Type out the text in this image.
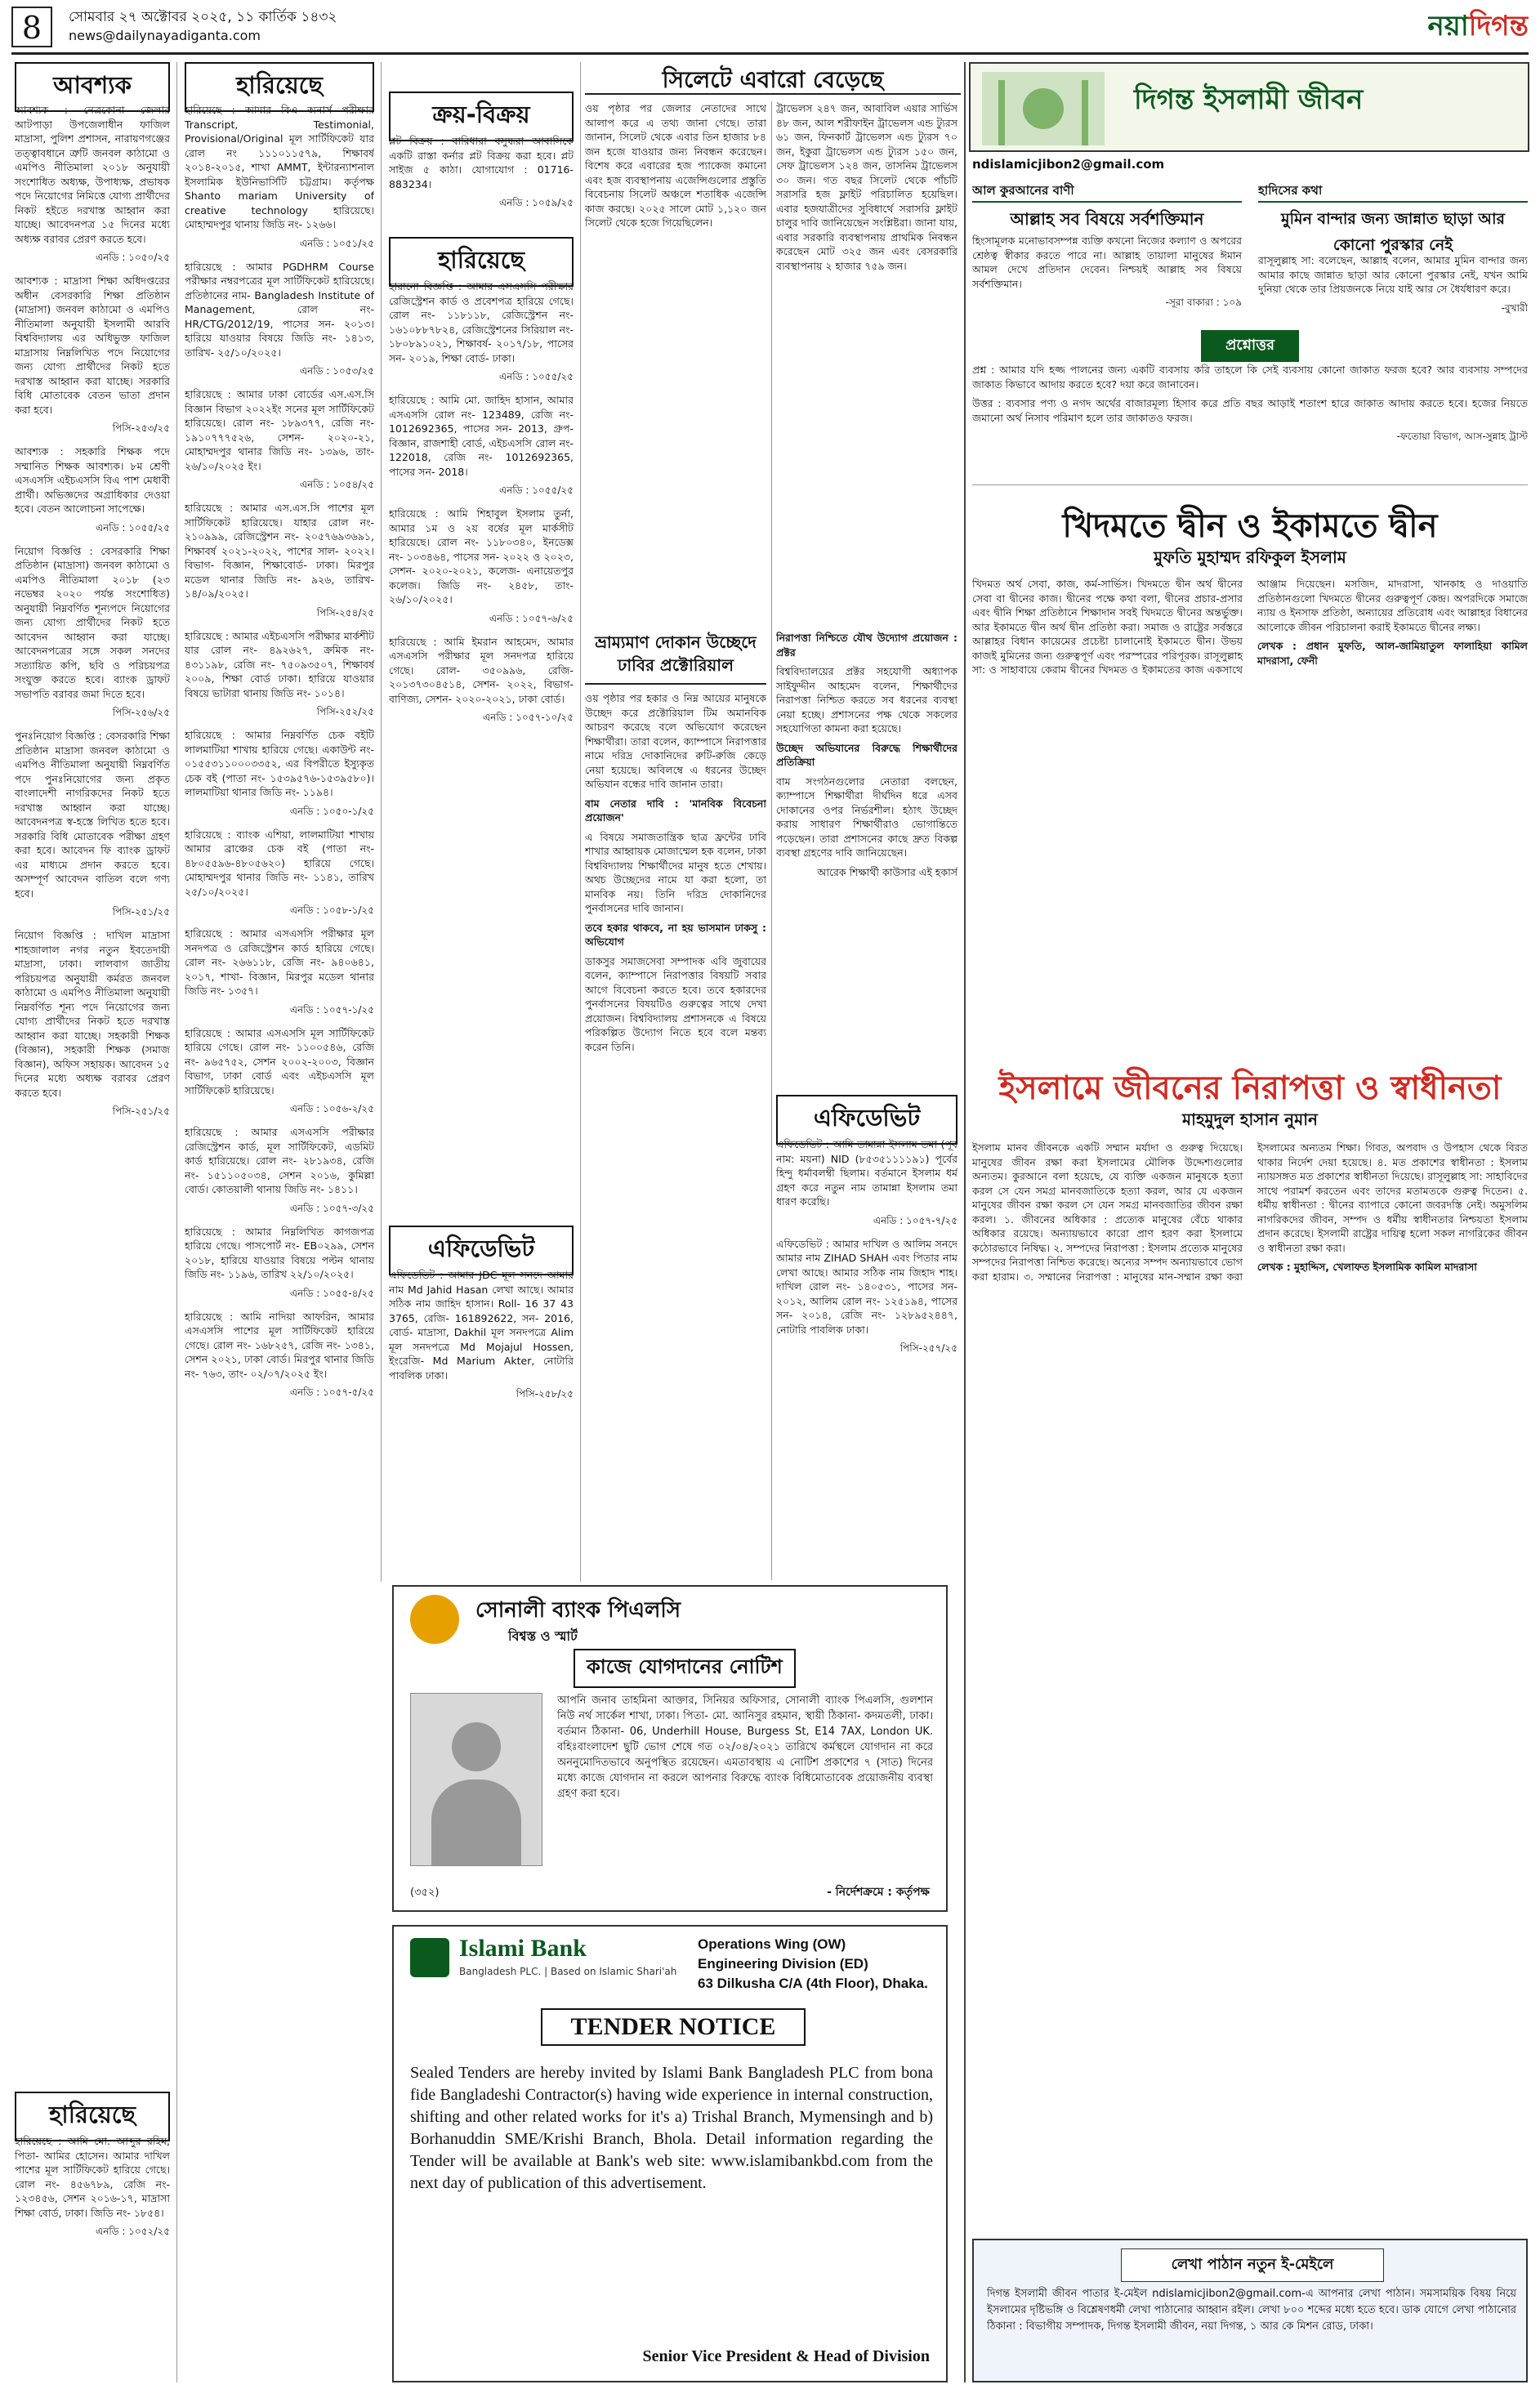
8	সোমবার ২৭ অক্টোবর ২০২৫, ১১ কার্তিক ১৪৩২
news@dailynayadiganta.com	নয়াদিগন্ত
আবশ্যক

আবশ্যক : নেত্রকোনা জেলার আটপাড়া উপজেলাধীন ফাজিল মাদ্রাসা, পুলিশ প্রশাসন, নারায়ণগঞ্জের তত্ত্বাবধানে ত্রুটি জনবল কাঠামো ও এমপিও নীতিমালা ২০১৮ অনুযায়ী সংশোধিত অধ্যক্ষ, উপাধ্যক্ষ, প্রভাষক পদে নিয়োগের নিমিত্তে যোগ্য প্রার্থীদের নিকট হইতে দরখাস্ত আহ্বান করা যাচ্ছে। আবেদনপত্র ১৫ দিনের মধ্যে অধ্যক্ষ বরাবর প্রেরণ করতে হবে।

এনডি : ১০৫০/২৫

আবশ্যক : মাদ্রাসা শিক্ষা অধিদপ্তরের অধীন বেসরকারি শিক্ষা প্রতিষ্ঠান (মাদ্রাসা) জনবল কাঠামো ও এমপিও নীতিমালা অনুযায়ী ইসলামী আরবি বিশ্ববিদ্যালয় এর অধিভুক্ত ফাজিল মাদ্রাসায় নিম্নলিখিত পদে নিয়োগের জন্য যোগ্য প্রার্থীদের নিকট হতে দরখাস্ত আহ্বান করা যাচ্ছে। সরকারি বিধি মোতাবেক বেতন ভাতা প্রদান করা হবে।

পিসি-২৫৩/২৫

আবশ্যক : সহকারি শিক্ষক পদে সম্মানিত শিক্ষক আবশ্যক। ৮ম শ্রেণী এসএসসি এইচএসসি বিএ পাশ মেধাবী প্রার্থী। অভিজ্ঞদের অগ্রাধিকার দেওয়া হবে। বেতন আলোচনা সাপেক্ষে।

এনডি : ১০৫৫/২৫

নিয়োগ বিজ্ঞপ্তি : বেসরকারি শিক্ষা প্রতিষ্ঠান (মাদ্রাসা) জনবল কাঠামো ও এমপিও নীতিমালা ২০১৮ (২৩ নভেম্বর ২০২০ পর্যন্ত সংশোধিত) অনুযায়ী নিম্নবর্ণিত শূন্যপদে নিয়োগের জন্য যোগ্য প্রার্থীদের নিকট হতে আবেদন আহ্বান করা যাচ্ছে। আবেদনপত্রের সঙ্গে সকল সনদের সত্যায়িত কপি, ছবি ও পরিচয়পত্র সংযুক্ত করতে হবে। ব্যাংক ড্রাফট সভাপতি বরাবর জমা দিতে হবে।

পিসি-২৫৬/২৫

পুনঃনিয়োগ বিজ্ঞপ্তি : বেসরকারি শিক্ষা প্রতিষ্ঠান মাদ্রাসা জনবল কাঠামো ও এমপিও নীতিমালা অনুযায়ী নিম্নবর্ণিত পদে পুনঃনিয়োগের জন্য প্রকৃত বাংলাদেশী নাগরিকদের নিকট হতে দরখাস্ত আহ্বান করা যাচ্ছে। আবেদনপত্র স্ব-হস্তে লিখিত হতে হবে। সরকারি বিধি মোতাবেক পরীক্ষা গ্রহণ করা হবে। আবেদন ফি ব্যাংক ড্রাফট এর মাধ্যমে প্রদান করতে হবে। অসম্পূর্ণ আবেদন বাতিল বলে গণ্য হবে।

পিসি-২৫১/২৫

নিয়োগ বিজ্ঞপ্তি : দাখিল মাদ্রাসা শাহজালাল নগর নতুন ইবতেদায়ী মাদ্রাসা, ঢাকা। লালবাগ জাতীয় পরিচয়পত্র অনুযায়ী কর্মরত জনবল কাঠামো ও এমপিও নীতিমালা অনুযায়ী নিম্নবর্ণিত শূন্য পদে নিয়োগের জন্য যোগ্য প্রার্থীদের নিকট হতে দরখাস্ত আহ্বান করা যাচ্ছে। সহকারী শিক্ষক (বিজ্ঞান), সহকারী শিক্ষক (সমাজ বিজ্ঞান), অফিস সহায়ক। আবেদন ১৫ দিনের মধ্যে অধ্যক্ষ বরাবর প্রেরণ করতে হবে।

পিসি-২৫১/২৫
হারিয়েছে

হারিয়েছে : আমি মো. আব্দুর রহিম, পিতা- আমির হোসেন। আমার দাখিল পাশের মূল সার্টিফিকেট হারিয়ে গেছে। রোল নং- ৪৫৬৭৮৯, রেজি নং- ১২৩৪৫৬, সেশন ২০১৬-১৭, মাদ্রাসা শিক্ষা বোর্ড, ঢাকা। জিডি নং- ১৮৫৪।

এনডি : ১০৫২/২৫
হারিয়েছে

হারিয়েছে : আমার বিএ অনার্স পরীক্ষার Transcript, Testimonial, Provisional/Original মূল সার্টিফিকেট যার রোল নং ১১১০১১৫৭৯, শিক্ষাবর্ষ ২০১৪-২০১৫, শাখা AMMT, ইন্টারন্যাশনাল ইসলামিক ইউনিভার্সিটি চট্টগ্রাম। কর্তৃপক্ষ Shanto mariam University of creative technology হারিয়েছে। মোহাম্মদপুর থানায় জিডি নং- ১২৬৬।

এনডি : ১০৫১/২৫

হারিয়েছে : আমার PGDHRM Course পরীক্ষার নম্বরপত্রের মূল সার্টিফিকেট হারিয়েছে। প্রতিষ্ঠানের নাম- Bangladesh Institute of Management, রোল নং- HR/CTG/2012/19, পাসের সন- ২০১৩। হারিয়ে যাওয়ার বিষয়ে জিডি নং- ১৪১৩, তারিখ- ২৫/১০/২০২৫।

এনডি : ১০৫৩/২৫

হারিয়েছে : আমার ঢাকা বোর্ডের এস.এস.সি বিজ্ঞান বিভাগ ২০২২ইং সনের মূল সার্টিফিকেট হারিয়েছে। রোল নং- ১৮৯৩৭৭, রেজি নং- ১৯১০৭৭৭৫২৬, সেশন- ২০২০-২১, মোহাম্মদপুর থানার জিডি নং- ১৩৯৬, তাং- ২৬/১০/২০২৫ ইং।

এনডি : ১০৫৪/২৫

হারিয়েছে : আমার এস.এস.সি পাশের মূল সার্টিফিকেট হারিয়েছে। যাহার রোল নং- ২১০৯৯৯, রেজিস্ট্রেশন নং- ২০৫৭৬৯৩৬৯১, শিক্ষাবর্ষ ২০২১-২০২২, পাশের সাল- ২০২২। বিভাগ- বিজ্ঞান, শিক্ষাবোর্ড- ঢাকা। মিরপুর মডেল থানার জিডি নং- ৯২৬, তারিখ- ১৪/০৯/২০২৫।

পিসি-২৫৪/২৫

হারিয়েছে : আমার এইচএসসি পরীক্ষার মার্কশীট যার রোল নং- ৪৯২৬২৭, ক্রমিক নং- ৪৩১১৯৮, রেজি নং- ৭৫০৯৩৫০৭, শিক্ষাবর্ষ ২০০৯, শিক্ষা বোর্ড ঢাকা। হারিয়ে যাওয়ার বিষয়ে ভাটারা থানায় জিডি নং- ১০১৪।

পিসি-২৫২/২৫

হারিয়েছে : আমার নিম্নবর্ণিত চেক বইটি লালমাটিয়া শাখায় হারিয়ে গেছে। একাউন্ট নং- ০১৫৫৩১১০০০৩৩৫২, এর বিপরীতে ইস্যুকৃত চেক বই (পাতা নং- ১৫৩৯৫৭৬-১৫৩৯৫৮০)। লালমাটিয়া থানার জিডি নং- ১১৯৪।

এনডি : ১০৫০-১/২৫

হারিয়েছে : ব্যাংক এশিয়া, লালমাটিয়া শাখায় আমার ব্রাঞ্চের চেক বই (পাতা নং- ৪৮০৫৫৯৬-৪৮০৫৬২০) হারিয়ে গেছে। মোহাম্মদপুর থানার জিডি নং- ১১৪১, তারিখ ২৫/১০/২০২৫।

এনডি : ১০৫৮-১/২৫

হারিয়েছে : আমার এসএসসি পরীক্ষার মূল সনদপত্র ও রেজিস্ট্রেশন কার্ড হারিয়ে গেছে। রোল নং- ২৬৬১১৮, রেজি নং- ৯৪০৬৪১, ২০১৭, শাখা- বিজ্ঞান, মিরপুর মডেল থানার জিডি নং- ১৩৫৭।

এনডি : ১০৫৭-১/২৫

হারিয়েছে : আমার এসএসসি মূল সার্টিফিকেট হারিয়ে গেছে। রোল নং- ১১০০৫৪৬, রেজি নং- ৯৬৫৭৫২, সেশন ২০০২-২০০৩, বিজ্ঞান বিভাগ, ঢাকা বোর্ড এবং এইচএসসি মূল সার্টিফিকেট হারিয়েছে।

এনডি : ১০৫৬-২/২৫

হারিয়েছে : আমার এসএসসি পরীক্ষার রেজিস্ট্রেশন কার্ড, মূল সার্টিফিকেট, এডমিট কার্ড হারিয়েছে। রোল নং- ২৮১৯৩৪, রেজি নং- ১৫১১০৫০৩৪, সেশন ২০১৬, কুমিল্লা বোর্ড। কোতয়ালী থানায় জিডি নং- ১৪১১।

এনডি : ১০৫৭-৩/২৫

হারিয়েছে : আমার নিম্নলিখিত কাগজপত্র হারিয়ে গেছে। পাসপোর্ট নং- EB০২৯৯, সেশন ২০১৮, হারিয়ে যাওয়ার বিষয়ে পল্টন থানায় জিডি নং- ১১৯৬, তারিখ ২২/১০/২০২৫।

এনডি : ১০৫৫-৪/২৫

হারিয়েছে : আমি নাদিয়া আফরিন, আমার এসএসসি পাশের মূল সার্টিফিকেট হারিয়ে গেছে। রোল নং- ১৬৮২৫৭, রেজি নং- ১৩৪১, সেশন ২০২১, ঢাকা বোর্ড। মিরপুর থানার জিডি নং- ৭৬৩, তাং- ০২/০৭/২০২৫ ইং।

এনডি : ১০৫৭-৫/২৫
ক্রয়-বিক্রয়

প্লট বিক্রয় : বারিধারা বসুন্ধরা আবাসিকে একটি রাস্তা কর্নার প্লট বিক্রয় করা হবে। প্লট সাইজ ৫ কাঠা। যোগাযোগ : 01716-883234।

এনডি : ১০৫৯/২৫
হারিয়েছে

হারানো বিজ্ঞপ্তি : আমার এসএসসি পরীক্ষার রেজিস্ট্রেশন কার্ড ও প্রবেশপত্র হারিয়ে গেছে। রোল নং- ১১৮১১৮, রেজিস্ট্রেশন নং- ১৬১০৮৮৭৮২৪, রেজিস্ট্রেশনের সিরিয়াল নং- ১৮০৮৯১০২১, শিক্ষাবর্ষ- ২০১৭/১৮, পাসের সন- ২০১৯, শিক্ষা বোর্ড- ঢাকা।

এনডি : ১০৫৫/২৫

হারিয়েছে : আমি মো. জাহিদ হাসান, আমার এসএসসি রোল নং- 123489, রেজি নং- 1012692365, পাসের সন- 2013, গ্রুপ- বিজ্ঞান, রাজশাহী বোর্ড, এইচএসসি রোল নং- 122018, রেজি নং- 1012692365, পাসের সন- 2018।

এনডি : ১০৫৫/২৫

হারিয়েছে : আমি শিহাবুল ইসলাম তুর্না, আমার ১ম ও ২য় বর্ষের মূল মার্কসীট হারিয়েছে। রোল নং- ১১৮০৩৪০, ইনডেক্স নং- ১০৩৪৬৪, পাসের সন- ২০২২ ও ২০২৩, সেশন- ২০২০-২০২১, কলেজ- এনায়েতপুর কলেজ। জিডি নং- ২৪৫৮, তাং- ২৬/১০/২০২৫।

এনডি : ১০৫৭-৬/২৫

হারিয়েছে : আমি ইমরান আহমেদ, আমার এসএসসি পরীক্ষার মূল সনদপত্র হারিয়ে গেছে। রোল- ৩৫০৯৯৬, রেজি- ২০১৩৭৩০৪৫১৪, সেশন- ২০২২, বিভাগ- বাণিজ্য, সেশন- ২০২০-২০২১, ঢাকা বোর্ড।

এনডি : ১০৫৭-১০/২৫
এফিডেভিট

এফিডেভিট : আমার JDC মূল সনদে আমার নাম Md Jahid Hasan লেখা আছে। আমার সঠিক নাম জাহিদ হাসান। Roll- 16 37 43 3765, রেজি- 161892622, সন- 2016, বোর্ড- মাদ্রাসা, Dakhil মূল সনদপত্রে Alim মূল সনদপত্রে Md Mojajul Hossen, ইংরেজি- Md Marium Akter, নোটারি পাবলিক ঢাকা।

পিসি-২৫৮/২৫
সোনালী ব্যাংক পিএলসি
বিশ্বস্ত ও স্মার্ট
কাজে যোগদানের নোটিশ
আপনি জনাব তাহমিনা আক্তার, সিনিয়র অফিসার, সোনালী ব্যাংক পিএলসি, গুলশান নিউ নর্থ সার্কেল শাখা, ঢাকা। পিতা- মো. আনিসুর রহমান, স্থায়ী ঠিকানা- কদমতলী, ঢাকা। বর্তমান ঠিকানা- 06, Underhill House, Burgess St, E14 7AX, London UK. বহিঃবাংলাদেশ ছুটি ভোগ শেষে গত ০২/০৪/২০২১ তারিখে কর্মস্থলে যোগদান না করে অননুমোদিতভাবে অনুপস্থিত রয়েছেন। এমতাবস্থায় এ নোটিশ প্রকাশের ৭ (সাত) দিনের মধ্যে কাজে যোগদান না করলে আপনার বিরুদ্ধে ব্যাংক বিধিমোতাবেক প্রয়োজনীয় ব্যবস্থা গ্রহণ করা হবে।
(৩৫২)	- নির্দেশক্রমে : কর্তৃপক্ষ
সিলেটে এবারো বেড়েছে

ওয় পৃষ্ঠার পর জেলার নেতাদের সাথে আলাপ করে এ তথ্য জানা গেছে। তারা জানান, সিলেট থেকে এবার তিন হাজার ৮৪ জন হজে যাওয়ার জন্য নিবন্ধন করেছেন। বিশেষ করে এবারের হজ প্যাকেজ কমানো এবং হজ ব্যবস্থাপনায় এজেন্সিগুলোর প্রস্তুতি বিবেচনায় সিলেট অঞ্চলে শতাধিক এজেন্সি কাজ করছে। ২০২৫ সালে মোট ১,১২০ জন সিলেট থেকে হজে গিয়েছিলেন।

ট্রাভেলস ২৪৭ জন, আবাবিল এয়ার সার্ভিস ৪৮ জন, আল শরীফাইন ট্রাভেলস এন্ড ট্যুরস ৬১ জন, ফিনকার্ট ট্রাভেলস এন্ড ট্যুরস ৭০ জন, ইকুরা ট্রাভেলস এন্ড ট্যুরস ১৫০ জন, সেফ ট্রাভেলস ১২৪ জন, তাসনিম ট্রাভেলস ৩০ জন। গত বছর সিলেট থেকে পাঁচটি সরাসরি হজ ফ্লাইট পরিচালিত হয়েছিল। এবার হজযাত্রীদের সুবিধার্থে সরাসরি ফ্লাইট চালুর দাবি জানিয়েছেন সংশ্লিষ্টরা। জানা যায়, এবার সরকারি ব্যবস্থাপনায় প্রাথমিক নিবন্ধন করেছেন মোট ৩২৫ জন এবং বেসরকারি ব্যবস্থাপনায় ২ হাজার ৭৫৯ জন।

ভ্রাম্যমাণ দোকান উচ্ছেদে ঢাবির প্রক্টোরিয়াল

ওয় পৃষ্ঠার পর হকার ও নিম্ন আয়ের মানুষকে উচ্ছেদ করে প্রক্টোরিয়াল টিম অমানবিক আচরণ করেছে বলে অভিযোগ করেছেন শিক্ষার্থীরা। তারা বলেন, ক্যাম্পাসে নিরাপত্তার নামে দরিদ্র দোকানিদের রুটি-রুজি কেড়ে নেয়া হয়েছে। অবিলম্বে এ ধরনের উচ্ছেদ অভিযান বন্ধের দাবি জানান তারা।

বাম নেতার দাবি : 'মানবিক বিবেচনা প্রয়োজন'

এ বিষয়ে সমাজতান্ত্রিক ছাত্র ফ্রন্টের ঢাবি শাখার আহ্বায়ক মোজাম্মেল হক বলেন, ঢাকা বিশ্ববিদ্যালয় শিক্ষার্থীদের মানুষ হতে শেখায়। অথচ উচ্ছেদের নামে যা করা হলো, তা মানবিক নয়। তিনি দরিদ্র দোকানিদের পুনর্বাসনের দাবি জানান।

তবে হকার থাকবে, না হয় ভাসমান ঢাকসু : অভিযোগ

ডাকসুর সমাজসেবা সম্পাদক এবি জুবায়ের বলেন, ক্যাম্পাসে নিরাপত্তার বিষয়টি সবার আগে বিবেচনা করতে হবে। তবে হকারদের পুনর্বাসনের বিষয়টিও গুরুত্বের সাথে দেখা প্রয়োজন। বিশ্ববিদ্যালয় প্রশাসনকে এ বিষয়ে পরিকল্পিত উদ্যোগ নিতে হবে বলে মন্তব্য করেন তিনি।

নিরাপত্তা নিশ্চিতে যৌথ উদ্যোগ প্রয়োজন : প্রক্টর

বিশ্ববিদ্যালয়ের প্রক্টর সহযোগী অধ্যাপক সাইফুদ্দীন আহমেদ বলেন, শিক্ষার্থীদের নিরাপত্তা নিশ্চিত করতে সব ধরনের ব্যবস্থা নেয়া হচ্ছে। প্রশাসনের পক্ষ থেকে সকলের সহযোগিতা কামনা করা হয়েছে।

উচ্ছেদ অভিযানের বিরুদ্ধে শিক্ষার্থীদের প্রতিক্রিয়া

বাম সংগঠনগুলোর নেতারা বলছেন, ক্যাম্পাসে শিক্ষার্থীরা দীর্ঘদিন ধরে এসব দোকানের ওপর নির্ভরশীল। হঠাৎ উচ্ছেদ করায় সাধারণ শিক্ষার্থীরাও ভোগান্তিতে পড়েছেন। তারা প্রশাসনের কাছে দ্রুত বিকল্প ব্যবস্থা গ্রহণের দাবি জানিয়েছেন।

আরেক শিক্ষার্থী কাউসার এই হকার্স

এফিডেভিট

এফিডেভিট : আমি তামান্না ইসলাম তমা (পূর্ব নাম: ময়না) NID (৮৫৩৫১১১১৯১) পূর্বের হিন্দু ধর্মাবলম্বী ছিলাম। বর্তমানে ইসলাম ধর্ম গ্রহণ করে নতুন নাম তামান্না ইসলাম তমা ধারণ করেছি।

এনডি : ১০৫৭-৭/২৫

এফিডেভিট : আমার দাখিল ও আলিম সনদে আমার নাম ZIHAD SHAH এবং পিতার নাম লেখা আছে। আমার সঠিক নাম জিহাদ শাহ। দাখিল রোল নং- ১৪০৫৩১, পাসের সন- ২০১২, আলিম রোল নং- ১২৫১৯৪, পাসের সন- ২০১৪, রেজি নং- ১২৮৯৫২৪৪৭, নোটারি পাবলিক ঢাকা।

পিসি-২৫৭/২৫
Islami Bank
Bangladesh PLC. | Based on Islamic Shari'ah
Operations Wing (OW)
Engineering Division (ED)
63 Dilkusha C/A (4th Floor), Dhaka.
TENDER NOTICE
Sealed Tenders are hereby invited by Islami Bank Bangladesh PLC from bona fide Bangladeshi Contractor(s) having wide experience in internal construction, shifting and other related works for it's a) Trishal Branch, Mymensingh and b) Borhanuddin SME/Krishi Branch, Bhola. Detail information regarding the Tender will be available at Bank's web site: www.islamibankbd.com from the next day of publication of this advertisement.
Senior Vice President & Head of Division
দিগন্ত ইসলামী জীবন
ndislamicjibon2@gmail.com
আল কুরআনের বাণী
আল্লাহ সব বিষয়ে সর্বশক্তিমান

হিংসামূলক মনোভাবসম্পন্ন ব্যক্তি কখনো নিজের কল্যাণ ও অপরের শ্রেষ্ঠত্ব স্বীকার করতে পারে না। আল্লাহ তায়ালা মানুষের ঈমান আমল দেখে প্রতিদান দেবেন। নিশ্চয়ই আল্লাহ সব বিষয়ে সর্বশক্তিমান।

-সূরা বাকারা : ১০৯
হাদিসের কথা
মুমিন বান্দার জন্য জান্নাত ছাড়া আর কোনো পুরস্কার নেই

রাসূলুল্লাহ সা: বলেছেন, আল্লাহ বলেন, আমার মুমিন বান্দার জন্য আমার কাছে জান্নাত ছাড়া আর কোনো পুরস্কার নেই, যখন আমি দুনিয়া থেকে তার প্রিয়জনকে নিয়ে যাই আর সে ধৈর্যধারণ করে।

-বুখারী
প্রশ্নোত্তর

প্রশ্ন : আমার যদি হজ্জ পালনের জন্য একটি ব্যবসায় করি তাহলে কি সেই ব্যবসায় কোনো জাকাত ফরজ হবে? আর ব্যবসায় সম্পদের জাকাত কিভাবে আদায় করতে হবে? দয়া করে জানাবেন।

উত্তর : ব্যবসার পণ্য ও নগদ অর্থের বাজারমূল্য হিসাব করে প্রতি বছর আড়াই শতাংশ হারে জাকাত আদায় করতে হবে। হজের নিয়তে জমানো অর্থ নিসাব পরিমাণ হলে তার জাকাতও ফরজ।

-ফতোয়া বিভাগ, আস-সুন্নাহ ট্রাস্ট
খিদমতে দ্বীন ও ইকামতে দ্বীন
মুফতি মুহাম্মদ রফিকুল ইসলাম

খিদমত অর্থ সেবা, কাজ, কর্ম-সার্ভিস। খিদমতে দ্বীন অর্থ দ্বীনের সেবা বা দ্বীনের কাজ। দ্বীনের পক্ষে কথা বলা, দ্বীনের প্রচার-প্রসার এবং দ্বীনি শিক্ষা প্রতিষ্ঠানে শিক্ষাদান সবই খিদমতে দ্বীনের অন্তর্ভুক্ত। আর ইকামতে দ্বীন অর্থ দ্বীন প্রতিষ্ঠা করা। সমাজ ও রাষ্ট্রের সর্বস্তরে আল্লাহর বিধান কায়েমের প্রচেষ্টা চালানোই ইকামতে দ্বীন। উভয় কাজই মুমিনের জন্য গুরুত্বপূর্ণ এবং পরস্পরের পরিপূরক। রাসূলুল্লাহ সা: ও সাহাবায়ে কেরাম দ্বীনের খিদমত ও ইকামতের কাজ একসাথে আঞ্জাম দিয়েছেন। মসজিদ, মাদরাসা, খানকাহ ও দাওয়াতি প্রতিষ্ঠানগুলো খিদমতে দ্বীনের গুরুত্বপূর্ণ কেন্দ্র। অপরদিকে সমাজে ন্যায় ও ইনসাফ প্রতিষ্ঠা, অন্যায়ের প্রতিরোধ এবং আল্লাহর বিধানের আলোকে জীবন পরিচালনা করাই ইকামতে দ্বীনের লক্ষ্য।

লেখক : প্রধান মুফতি, আল-জামিয়াতুল ফালাহিয়া কামিল মাদরাসা, ফেনী

ইসলামে জীবনের নিরাপত্তা ও স্বাধীনতা
মাহমুদুল হাসান নুমান

ইসলাম মানব জীবনকে একটি সম্মান মর্যাদা ও গুরুত্ব দিয়েছে। মানুষের জীবন রক্ষা করা ইসলামের মৌলিক উদ্দেশ্যগুলোর অন্যতম। কুরআনে বলা হয়েছে, যে ব্যক্তি একজন মানুষকে হত্যা করল সে যেন সমগ্র মানবজাতিকে হত্যা করল, আর যে একজন মানুষের জীবন রক্ষা করল সে যেন সমগ্র মানবজাতির জীবন রক্ষা করল। ১. জীবনের অধিকার : প্রত্যেক মানুষের বেঁচে থাকার অধিকার রয়েছে। অন্যায়ভাবে কারো প্রাণ হরণ করা ইসলামে কঠোরভাবে নিষিদ্ধ। ২. সম্পদের নিরাপত্তা : ইসলাম প্রত্যেক মানুষের সম্পদের নিরাপত্তা নিশ্চিত করেছে। অন্যের সম্পদ অন্যায়ভাবে ভোগ করা হারাম। ৩. সম্মানের নিরাপত্তা : মানুষের মান-সম্মান রক্ষা করা ইসলামের অন্যতম শিক্ষা। গিবত, অপবাদ ও উপহাস থেকে বিরত থাকার নির্দেশ দেয়া হয়েছে। ৪. মত প্রকাশের স্বাধীনতা : ইসলাম ন্যায়সঙ্গত মত প্রকাশের স্বাধীনতা দিয়েছে। রাসূলুল্লাহ সা: সাহাবিদের সাথে পরামর্শ করতেন এবং তাদের মতামতকে গুরুত্ব দিতেন। ৫. ধর্মীয় স্বাধীনতা : দ্বীনের ব্যাপারে কোনো জবরদস্তি নেই। অমুসলিম নাগরিকদের জীবন, সম্পদ ও ধর্মীয় স্বাধীনতার নিশ্চয়তা ইসলাম প্রদান করেছে। ইসলামী রাষ্ট্রের দায়িত্ব হলো সকল নাগরিকের জীবন ও স্বাধীনতা রক্ষা করা।

লেখক : মুহাদ্দিস, খেলাফত ইসলামিক কামিল মাদরাসা

লেখা পাঠান নতুন ই-মেইলে
দিগন্ত ইসলামী জীবন পাতার ই-মেইল ndislamicjibon2@gmail.com-এ আপনার লেখা পাঠান। সমসাময়িক বিষয় নিয়ে ইসলামের দৃষ্টিভঙ্গি ও বিশ্লেষণধর্মী লেখা পাঠানোর আহ্বান রইল। লেখা ৮০০ শব্দের মধ্যে হতে হবে। ডাক যোগে লেখা পাঠানোর ঠিকানা : বিভাগীয় সম্পাদক, দিগন্ত ইসলামী জীবন, নয়া দিগন্ত, ১ আর কে মিশন রোড, ঢাকা।
